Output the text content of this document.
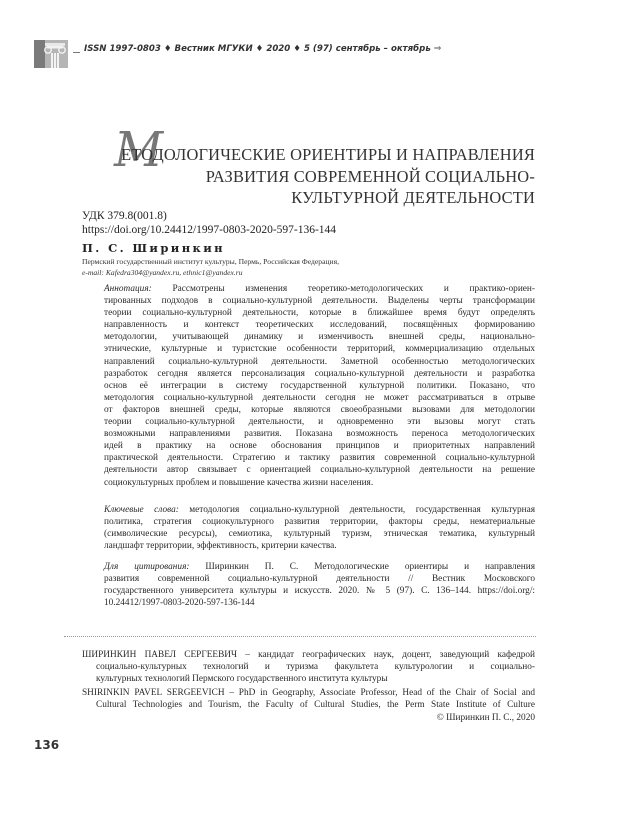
ISSN 1997-0803 ♦ Вестник МГУКИ ♦ 2020 ♦ 5 (97) сентябрь – октябрь ⇒
М
ЕТОДОЛОГИЧЕСКИЕ ОРИЕНТИРЫ И НАПРАВЛЕНИЯ
РАЗВИТИЯ СОВРЕМЕННОЙ СОЦИАЛЬНО-
КУЛЬТУРНОЙ ДЕЯТЕЛЬНОСТИ
УДК 379.8(001.8)
https://doi.org/10.24412/1997-0803-2020-597-136-144
П. С. Ширинкин
Пермский государственный институт культуры, Пермь, Российская Федерация,
e-mail: Kafedra304@yandex.ru, ethnic1@yandex.ru
Аннотация: Рассмотрены изменения теоретико-методологических и практико-ориен-
тированных подходов в социально-культурной деятельности. Выделены черты трансформации
теории социально-культурной деятельности, которые в ближайшее время будут определять
направленность и контекст теоретических исследований, посвящённых формированию
методологии, учитывающей динамику и изменчивость внешней среды, национально-
этнические, культурные и туристские особенности территорий, коммерциализацию отдельных
направлений социально-культурной деятельности. Заметной особенностью методологических
разработок сегодня является персонализация социально-культурной деятельности и разработка
основ её интеграции в систему государственной культурной политики. Показано, что
методология социально-культурной деятельности сегодня не может рассматриваться в отрыве
от факторов внешней среды, которые являются своеобразными вызовами для методологии
теории социально-культурной деятельности, и одновременно эти вызовы могут стать
возможными направлениями развития. Показана возможность переноса методологических
идей в практику на основе обоснования принципов и приоритетных направлений
практической деятельности. Стратегию и тактику развития современной социально-культурной
деятельности автор связывает с ориентацией социально-культурной деятельности на решение
социокультурных проблем и повышение качества жизни населения.
Ключевые слова: методология социально-культурной деятельности, государственная культурная
политика, стратегия социокультурного развития территории, факторы среды, нематериальные
(символические ресурсы), семиотика, культурный туризм, этническая тематика, культурный
ландшафт территории, эффективность, критерии качества.
Для цитирования: Ширинкин П. С. Методологические ориентиры и направления
развития современной социально-культурной деятельности // Вестник Московского
государственного университета культуры и искусств. 2020. № 5 (97). С. 136–144. https://doi.org/:
10.24412/1997-0803-2020-597-136-144
ШИРИНКИН ПАВЕЛ СЕРГЕЕВИЧ – кандидат географических наук, доцент, заведующий кафедрой
социально-культурных технологий и туризма факультета культурологии и социально-
культурных технологий Пермского государственного института культуры
SHIRINKIN PAVEL SERGEEVICH – PhD in Geography, Associate Professor, Head of the Chair of Social and
Cultural Technologies and Tourism, the Faculty of Cultural Studies, the Perm State Institute of Culture
© Ширинкин П. С., 2020
136
